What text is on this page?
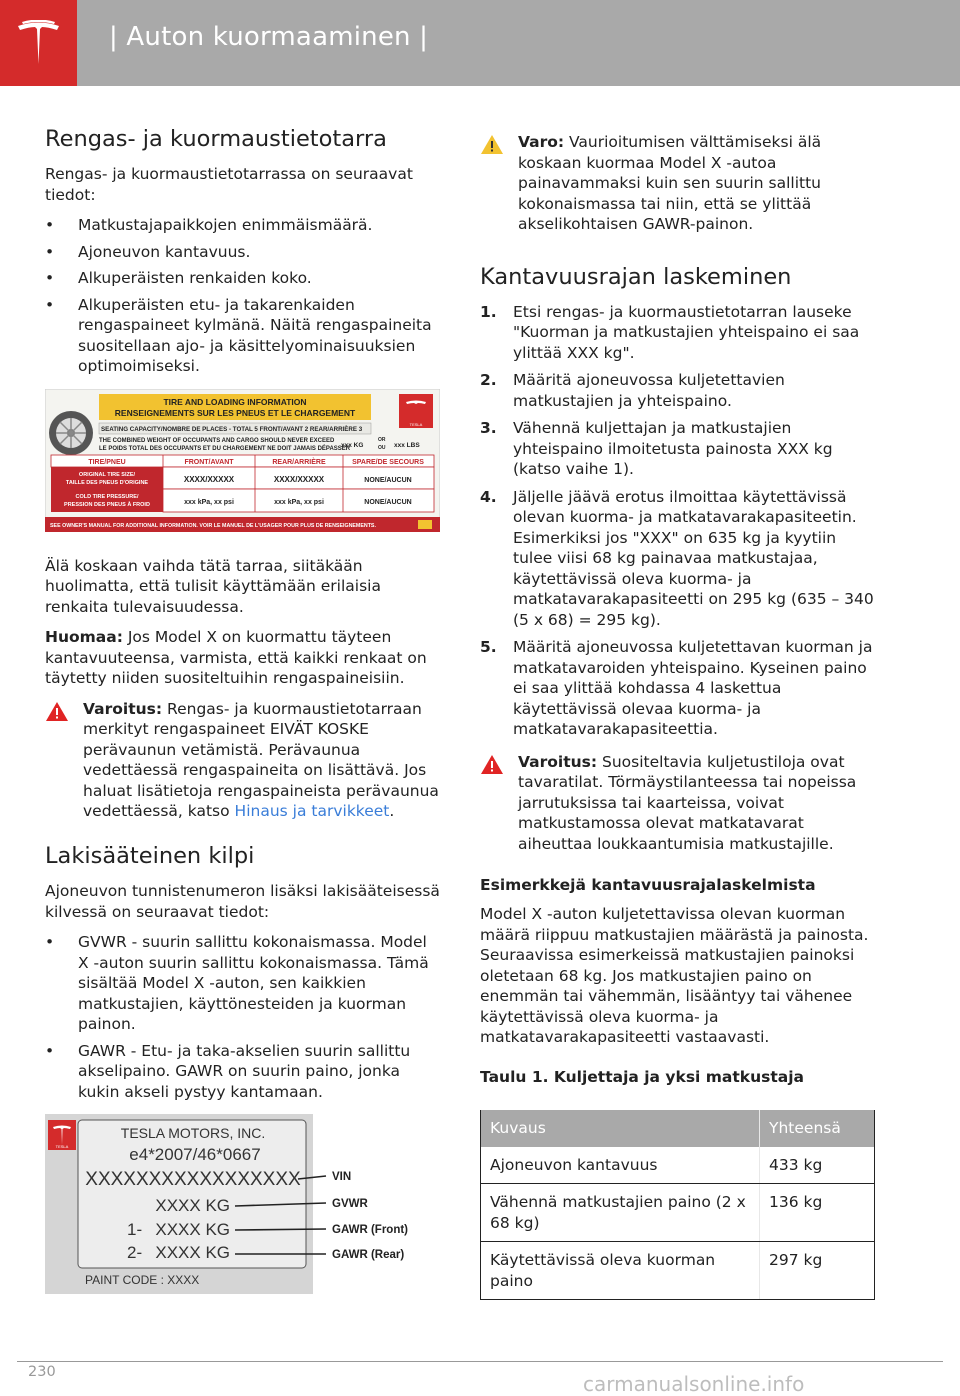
| Auton kuormaaminen |
Rengas- ja kuormaustietotarra

Rengas- ja kuormaustietotarrassa on seuraavat tiedot:

• Matkustajapaikkojen enimmäismäärä.
• Ajoneuvon kantavuus.
• Alkuperäisten renkaiden koko.
• Alkuperäisten etu- ja takarenkaiden rengaspaineet kylmänä. Näitä rengaspaineita suositellaan ajo- ja käsittelyominaisuuksien optimoimiseksi.
TIRE AND LOADING INFORMATION
RENSEIGNEMENTS SUR LES PNEUS ET LE CHARGEMENT
TESLA
SEATING CAPACITY/NOMBRE DE PLACES - TOTAL 5 FRONT/AVANT 2 REAR/ARRIÈRE 3
THE COMBINED WEIGHT OF OCCUPANTS AND CARGO SHOULD NEVER EXCEED
LE POIDS TOTAL DES OCCUPANTS ET DU CHARGEMENT NE DOIT JAMAIS DÉPASSER
xxx KG
OR
OU xxx LBS
TIRE/PNEU	FRONT/AVANT	REAR/ARRIÈRE	SPARE/DE SECOURS
ORIGINAL TIRE SIZE/
TAILLE DES PNEUS D'ORIGINE	XXXX/XXXXX	XXXX/XXXXX	NONE/AUCUN
COLD TIRE PRESSURE/
PRESSION DES PNEUS À FROID	xxx kPa, xx psi	xxx kPa, xx psi	NONE/AUCUN
SEE OWNER'S MANUAL FOR ADDITIONAL INFORMATION. VOIR LE MANUEL DE L'USAGER POUR PLUS DE RENSEIGNEMENTS.

Älä koskaan vaihda tätä tarraa, siitäkään huolimatta, että tulisit käyttämään erilaisia renkaita tulevaisuudessa.

Huomaa: Jos Model X on kuormattu täyteen kantavuuteensa, varmista, että kaikki renkaat on täytetty niiden suositeltuihin rengaspaineisiin.

Varoitus: Rengas- ja kuormaustietotarraan merkityt rengaspaineet EIVÄT KOSKE perävaunun vetämistä. Perävaunua vedettäessä rengaspaineita on lisättävä. Jos haluat lisätietoja rengaspaineista perävaunua vedettäessä, katso Hinaus ja tarvikkeet.

Lakisääteinen kilpi

Ajoneuvon tunnistenumeron lisäksi lakisääteisessä kilvessä on seuraavat tiedot:

• GVWR - suurin sallittu kokonaismassa. Model X -auton suurin sallittu kokonaismassa. Tämä sisältää Model X -auton, sen kaikkien matkustajien, käyttönesteiden ja kuorman painon.
• GAWR - Etu- ja taka-akselien suurin sallittu akselipaino. GAWR on suurin paino, jonka kukin akseli pystyy kantamaan.
TESLA
TESLA MOTORS, INC.
e4*2007/46*0667
XXXXXXXXXXXXXXXXX
XXXX KG
1- XXXX KG
2- XXXX KG
PAINT CODE : XXXX
VIN
GVWR
GAWR (Front)
GAWR (Rear)

Varo: Vaurioitumisen välttämiseksi älä koskaan kuormaa Model X -autoa painavammaksi kuin sen suurin sallittu kokonaismassa tai niin, että se ylittää akselikohtaisen GAWR-painon.

Kantavuusrajan laskeminen
1. Etsi rengas- ja kuormaustietotarran lauseke "Kuorman ja matkustajien yhteispaino ei saa ylittää XXX kg".
2. Määritä ajoneuvossa kuljetettavien matkustajien ja yhteispaino.
3. Vähennä kuljettajan ja matkustajien yhteispaino ilmoitetusta painosta XXX kg (katso vaihe 1).
4. Jäljelle jäävä erotus ilmoittaa käytettävissä olevan kuorma- ja matkatavarakapasiteetin. Esimerkiksi jos "XXX" on 635 kg ja kyytiin tulee viisi 68 kg painavaa matkustajaa, käytettävissä oleva kuorma- ja matkatavarakapasiteetti on 295 kg (635 – 340 (5 x 68) = 295 kg).
5. Määritä ajoneuvossa kuljetettavan kuorman ja matkatavaroiden yhteispaino. Kyseinen paino ei saa ylittää kohdassa 4 laskettua käytettävissä olevaa kuorma- ja matkatavarakapasiteettia.

Varoitus: Suositeltavia kuljetustiloja ovat tavaratilat. Törmäystilanteessa tai nopeissa jarrutuksissa tai kaarteissa, voivat matkustamossa olevat matkatavarat aiheuttaa loukkaantumisia matkustajille.

Esimerkkejä kantavuusrajalaskelmista

Model X -auton kuljetettavissa olevan kuorman määrä riippuu matkustajien määrästä ja painosta. Seuraavissa esimerkeissä matkustajien painoksi oletetaan 68 kg. Jos matkustajien paino on enemmän tai vähemmän, lisääntyy tai vähenee käytettävissä oleva kuorma- ja matkatavarakapasiteetti vastaavasti.

Taulu 1. Kuljettaja ja yksi matkustaja
Kuvaus	Yhteensä
Ajoneuvon kantavuus	433 kg
Vähennä matkustajien paino (2 x 68 kg)	136 kg
Käytettävissä oleva kuorman paino	297 kg
230	carmanualsonline.info
